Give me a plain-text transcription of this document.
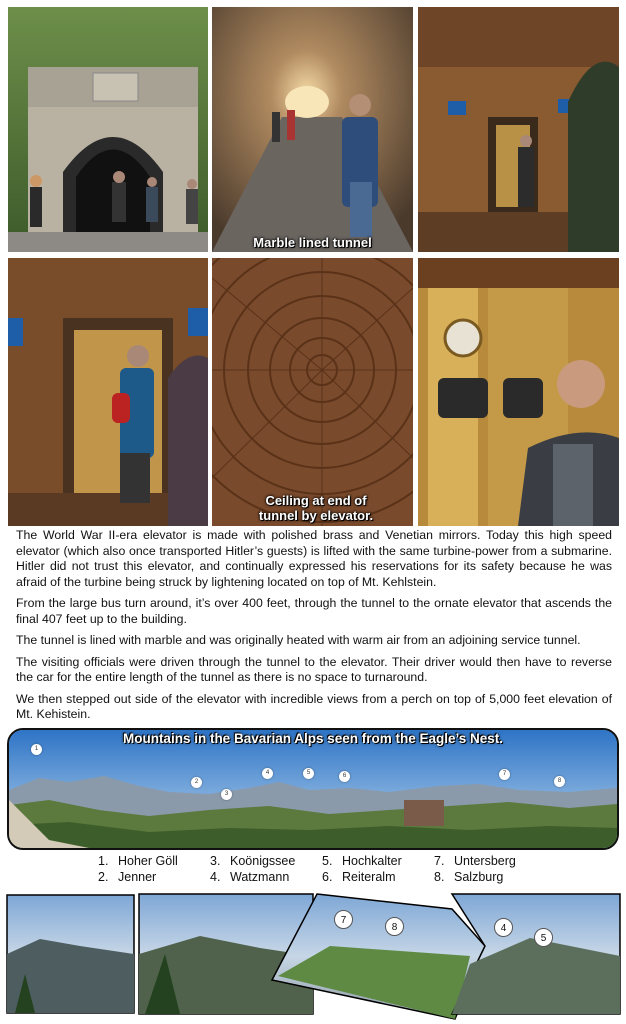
Marble lined tunnel
Ceiling at end of tunnel by elevator.

The World War II-era elevator is made with polished brass and Venetian mirrors. Today this high speed elevator (which also once transported Hitler’s guests) is lifted with the same turbine-power from a submarine. Hitler did not trust this elevator, and continually expressed his reservations for its safety because he was afraid of the turbine being struck by lightening located on top of Mt. Kehlstein.

From the large bus turn around, it’s over 400 feet, through the tunnel to the ornate elevator that ascends the final 407 feet up to the building.

The tunnel is lined with marble and was originally heated with warm air from an adjoining service tunnel.

The visiting officials were driven through the tunnel to the elevator. Their driver would then have to reverse the car for the entire length of the tunnel as there is no space to turnaround.

We then stepped out side of the elevator with incredible views from a perch on top of 5,000 feet elevation of Mt. Kehistein.

Mountains in the Bavarian Alps seen from the Eagle’s Nest.
1
2
3
4	5	6	7
8
1. Hoher Göll
2. Jenner
3. Koönigssee
4. Watzmann
5. Hochkalter
6. Reiteralm
7. Untersberg
8. Salzburg
7
8	4
5
